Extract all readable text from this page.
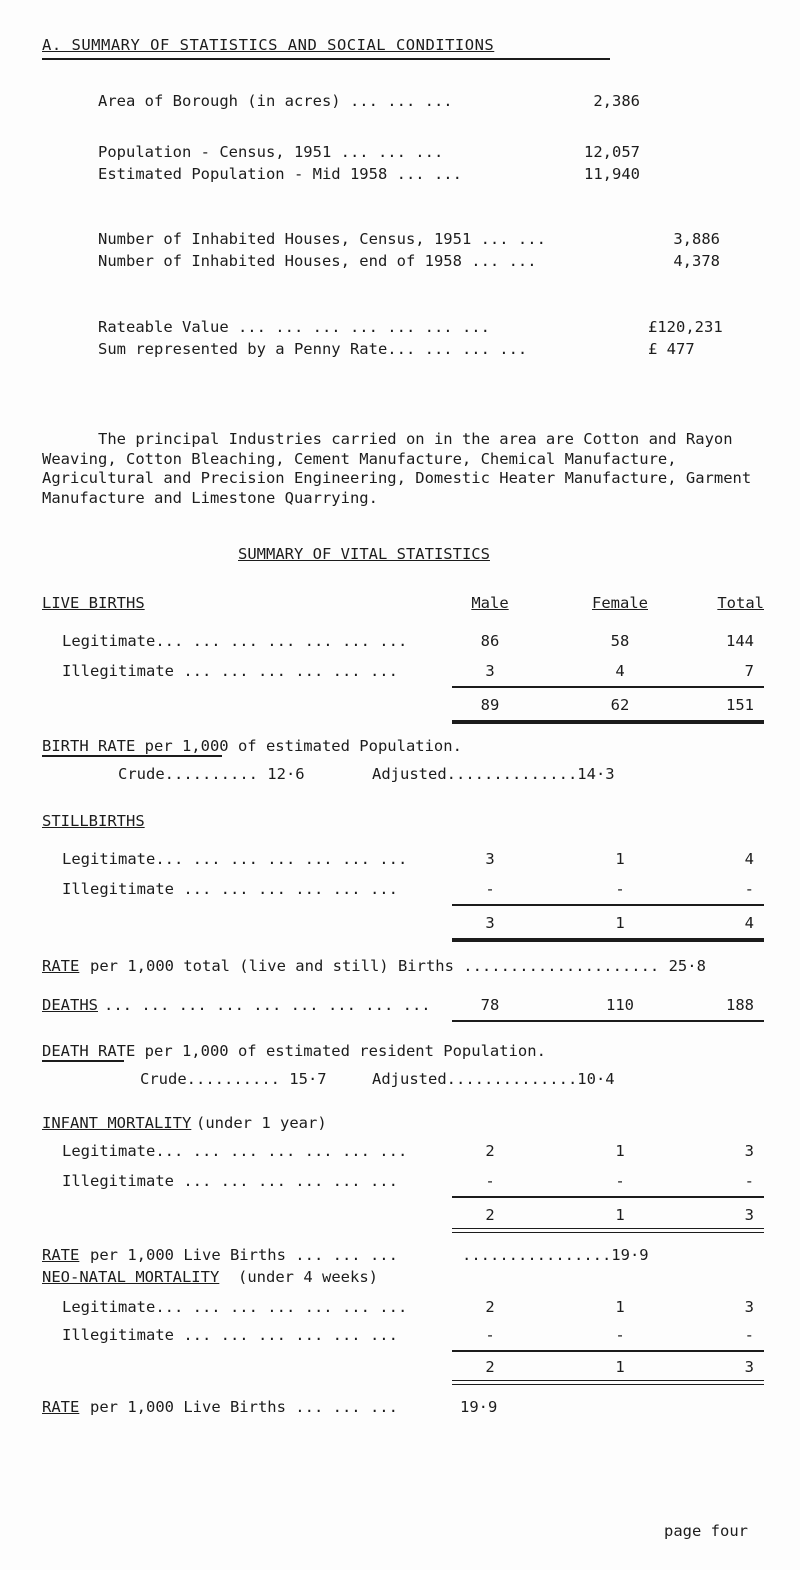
A. SUMMARY OF STATISTICS AND SOCIAL CONDITIONS
Area of Borough (in acres) ... ... ...	2,386
Population - Census, 1951 ... ... ...	12,057
Estimated Population - Mid 1958 ... ...	11,940
Number of Inhabited Houses, Census, 1951 ... ...	3,886
Number of Inhabited Houses, end of 1958 ... ...	4,378
Rateable Value ... ... ... ... ... ... ...	£120,231
Sum represented by a Penny Rate... ... ... ...	£ 477
The principal Industries carried on in the area are Cotton and Rayon Weaving, Cotton Bleaching, Cement Manufacture, Chemical Manufacture, Agricultural and Precision Engineering, Domestic Heater Manufacture, Garment Manufacture and Limestone Quarrying.
SUMMARY OF VITAL STATISTICS
LIVE BIRTHS	Male	Female	Total
Legitimate... ... ... ... ... ... ...	86	58	144
Illegitimate ... ... ... ... ... ...	3	4	7
89	62	151
BIRTH RATE per 1,000 of estimated Population.
Crude.......... 12·6	Adjusted..............14·3
STILLBIRTHS
Legitimate... ... ... ... ... ... ...	3	1	4
Illegitimate ... ... ... ... ... ...	-	-	-
3	1	4
RATE per 1,000 total (live and still) Births ..................... 25·8
DEATHS ... ... ... ... ... ... ... ... ...	78	110	188
DEATH RATE per 1,000 of estimated resident Population.
Crude.......... 15·7	Adjusted..............10·4
INFANT MORTALITY (under 1 year)
Legitimate... ... ... ... ... ... ...	2	1	3
Illegitimate ... ... ... ... ... ...	-	-	-
2	1	3
RATE per 1,000 Live Births ... ... ...	................19·9
NEO-NATAL MORTALITY (under 4 weeks)
Legitimate... ... ... ... ... ... ...	2	1	3
Illegitimate ... ... ... ... ... ...	-	-	-
2	1	3
RATE per 1,000 Live Births ... ... ...	19·9
page four
